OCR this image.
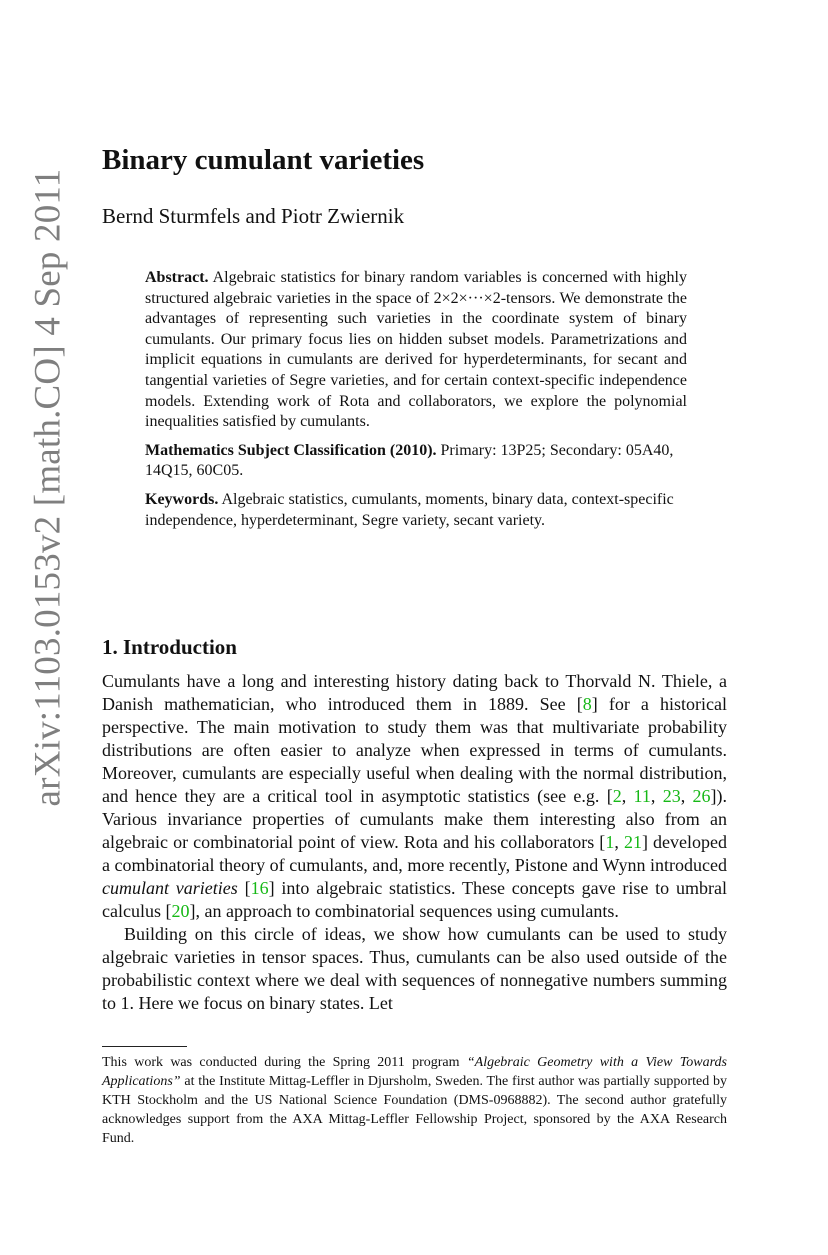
arXiv:1103.0153v2 [math.CO] 4 Sep 2011
Binary cumulant varieties

Bernd Sturmfels and Piotr Zwiernik

Abstract. Algebraic statistics for binary random variables is concerned with highly structured algebraic varieties in the space of 2×2×···×2-tensors. We demonstrate the advantages of representing such varieties in the coordinate system of binary cumulants. Our primary focus lies on hidden subset models. Parametrizations and implicit equations in cumulants are derived for hyperdeterminants, for secant and tangential varieties of Segre varieties, and for certain context-specific independence models. Extending work of Rota and collaborators, we explore the polynomial inequalities satisfied by cumulants.

Mathematics Subject Classification (2010). Primary: 13P25; Secondary: 05A40, 14Q15, 60C05.

Keywords. Algebraic statistics, cumulants, moments, binary data, context-specific independence, hyperdeterminant, Segre variety, secant variety.

1. Introduction

Cumulants have a long and interesting history dating back to Thorvald N. Thiele, a Danish mathematician, who introduced them in 1889. See [8] for a historical perspective. The main motivation to study them was that multivariate probability distributions are often easier to analyze when expressed in terms of cumulants. Moreover, cumulants are especially useful when dealing with the normal distribution, and hence they are a critical tool in asymptotic statistics (see e.g. [2, 11, 23, 26]). Various invariance properties of cumulants make them interesting also from an algebraic or combinatorial point of view. Rota and his collaborators [1, 21] developed a combinatorial theory of cumulants, and, more recently, Pistone and Wynn introduced cumulant varieties [16] into algebraic statistics. These concepts gave rise to umbral calculus [20], an approach to combinatorial sequences using cumulants.

Building on this circle of ideas, we show how cumulants can be used to study algebraic varieties in tensor spaces. Thus, cumulants can be also used outside of the probabilistic context where we deal with sequences of nonnegative numbers summing to 1. Here we focus on binary states. Let

This work was conducted during the Spring 2011 program “Algebraic Geometry with a View Towards Applications” at the Institute Mittag-Leffler in Djursholm, Sweden. The first author was partially supported by KTH Stockholm and the US National Science Foundation (DMS-0968882). The second author gratefully acknowledges support from the AXA Mittag-Leffler Fellowship Project, sponsored by the AXA Research Fund.
